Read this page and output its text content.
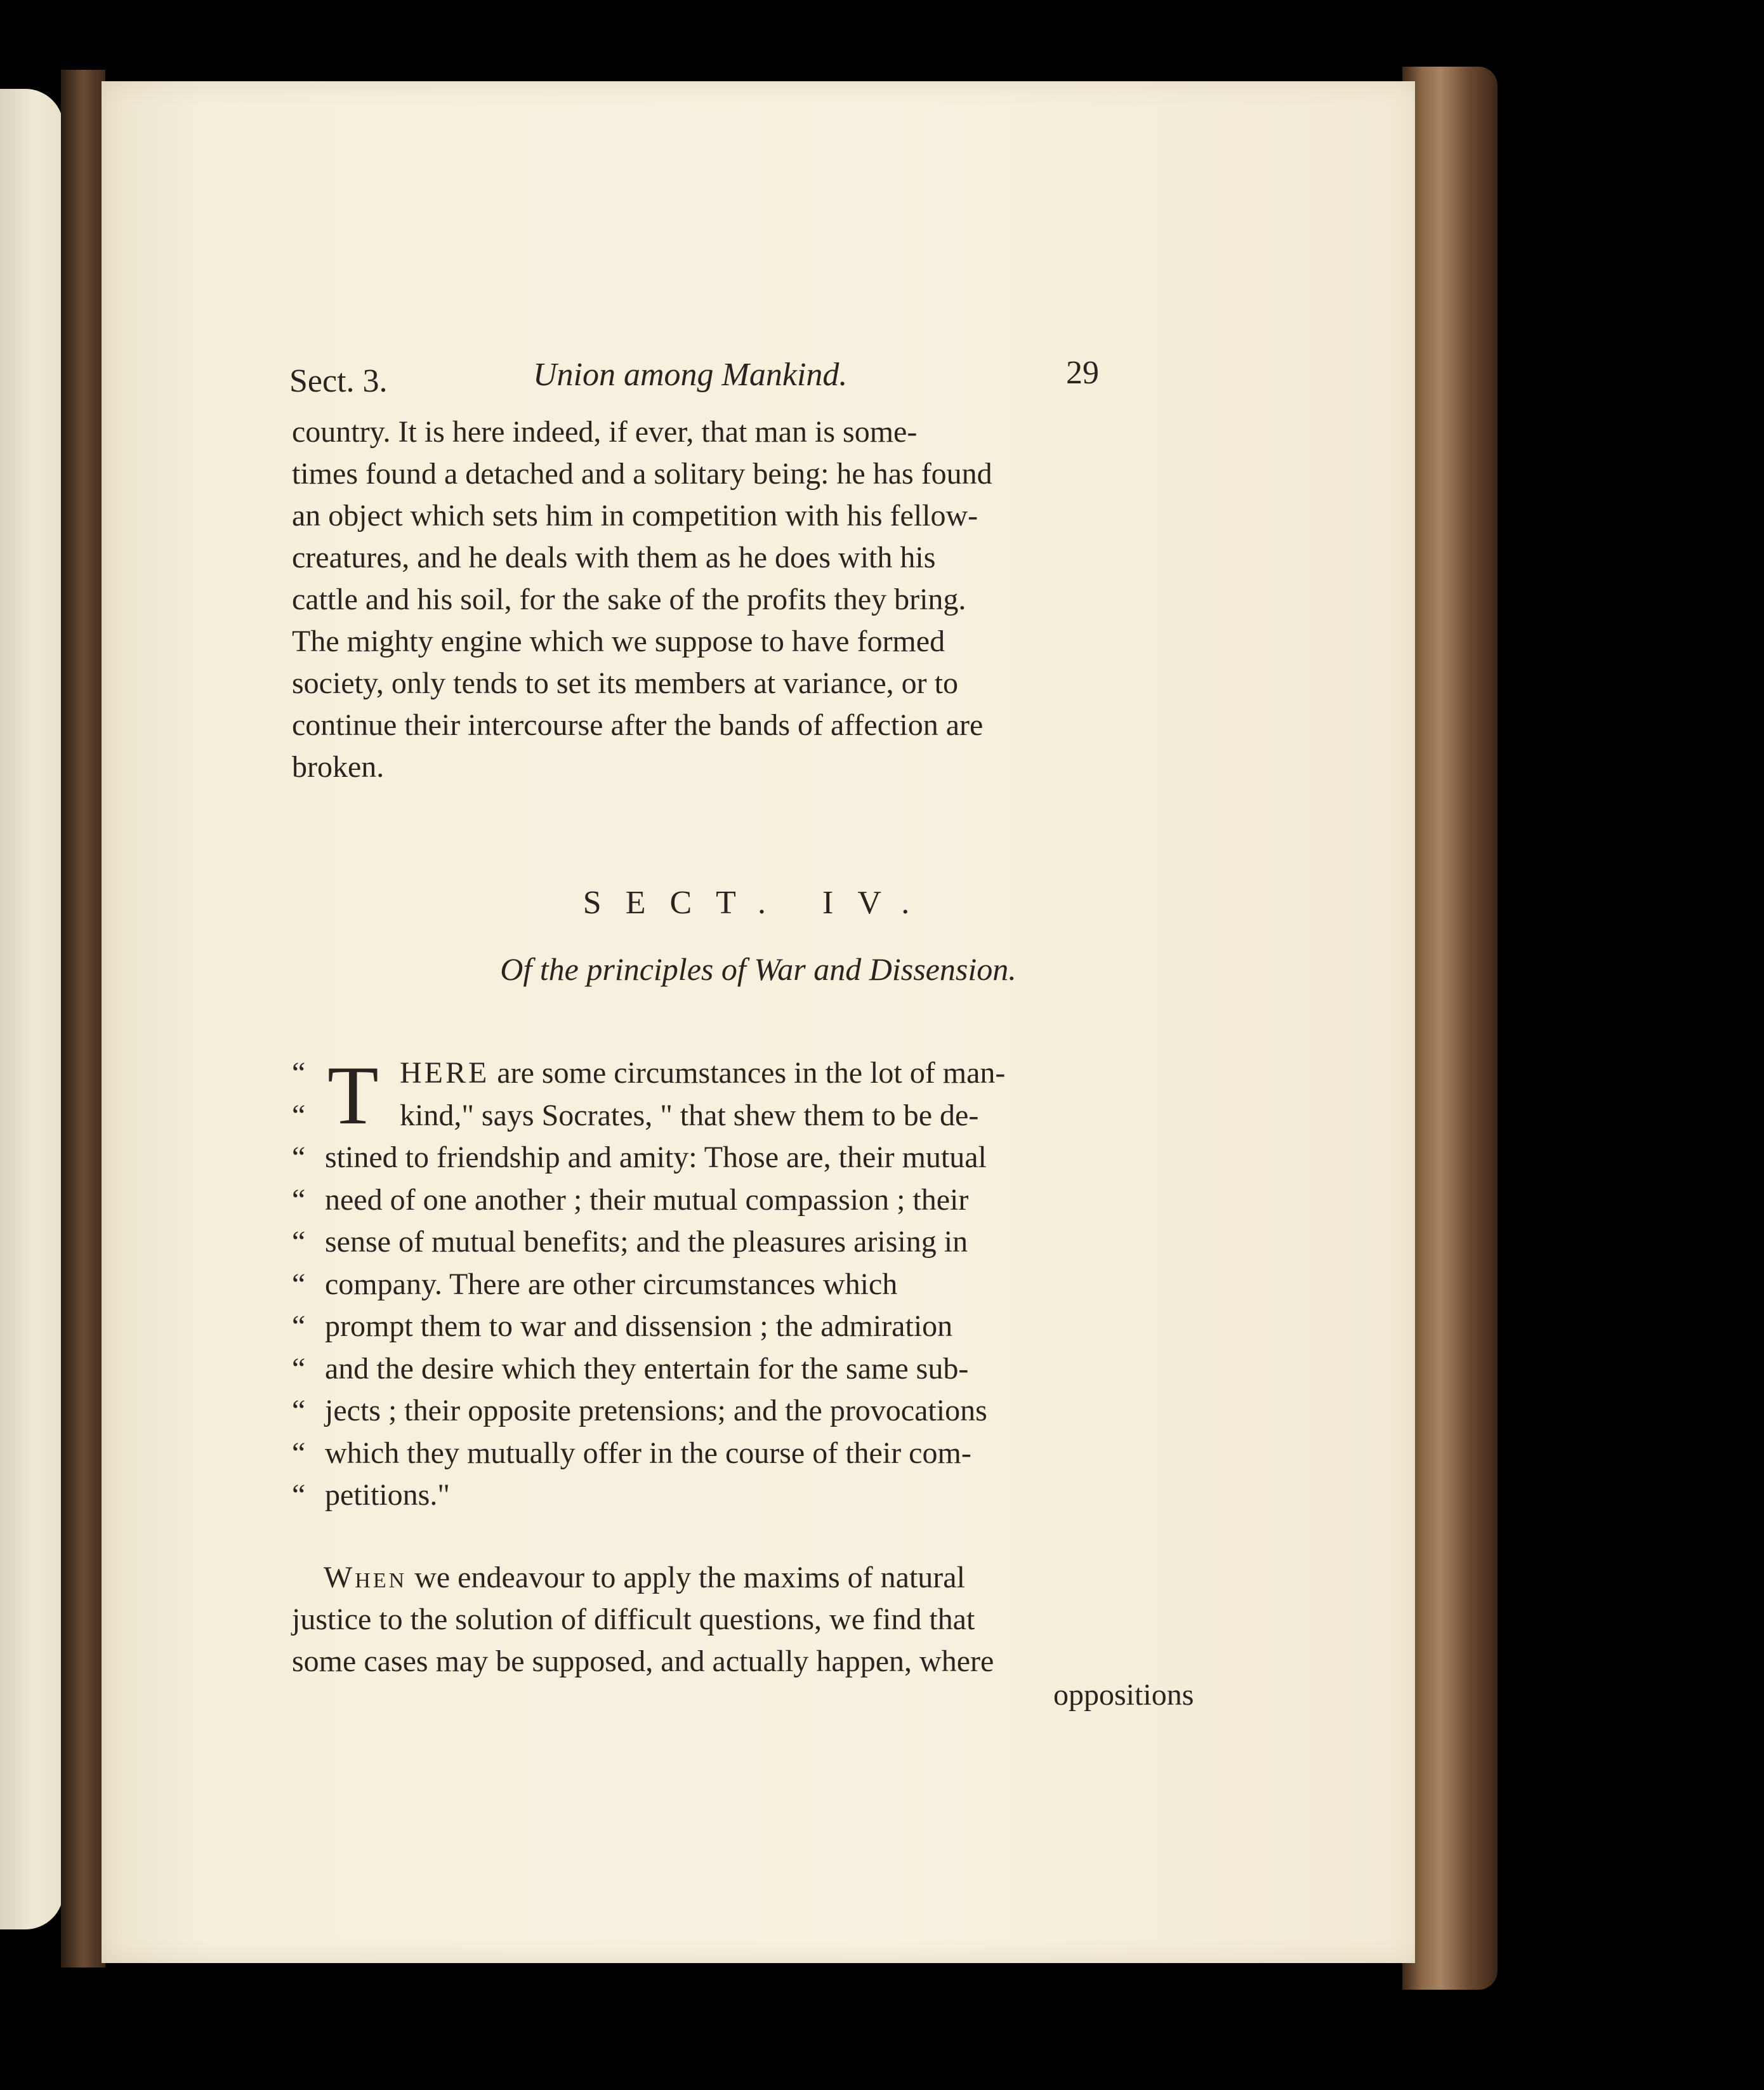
Sect. 3.	Union among Mankind.	29
country. It is here indeed, if ever, that man is some-
times found a detached and a solitary being: he has found
an object which sets him in competition with his fellow-
creatures, and he deals with them as he does with his
cattle and his soil, for the sake of the profits they bring.
The mighty engine which we suppose to have formed
society, only tends to set its members at variance, or to
continue their intercourse after the bands of affection are
broken.
SECT. IV.
Of the principles of War and Dissension.
T
“	HERE are some circumstances in the lot of man-
“	kind," says Socrates, " that shew them to be de-
“ stined to friendship and amity: Those are, their mutual
“ need of one another ; their mutual compassion ; their
“ sense of mutual benefits; and the pleasures arising in
“ company. There are other circumstances which
“ prompt them to war and dissension ; the admiration
“ and the desire which they entertain for the same sub-
“ jects ; their opposite pretensions; and the provocations
“ which they mutually offer in the course of their com-
“ petitions."
When we endeavour to apply the maxims of natural
justice to the solution of difficult questions, we find that
some cases may be supposed, and actually happen, where
oppositions
